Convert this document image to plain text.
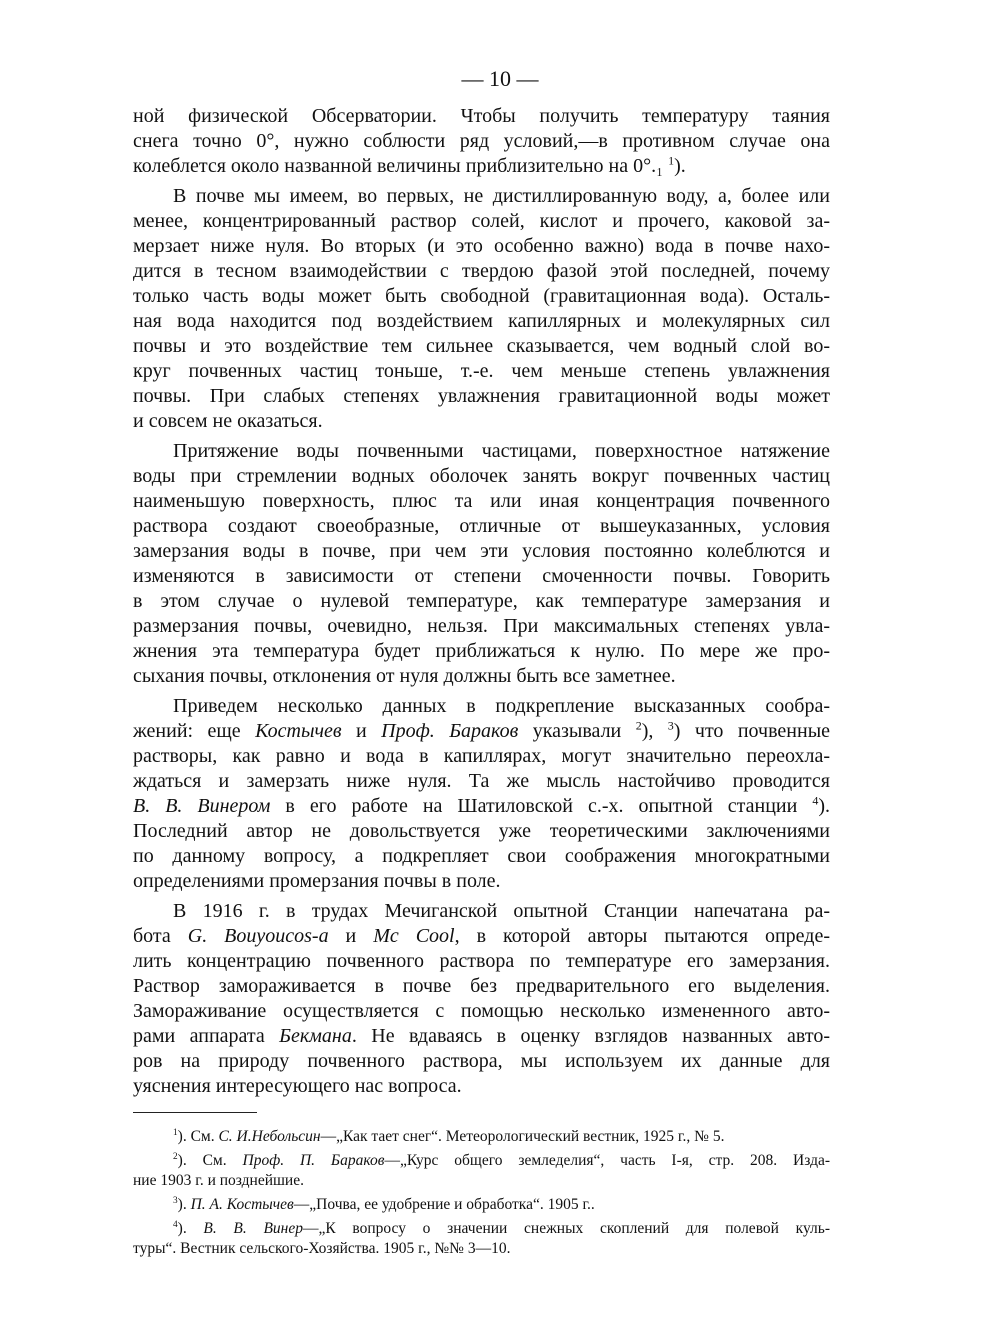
— 10 —
ной физической Обсерватории. Чтобы получить температуру таяния
снега точно 0°, нужно соблюсти ряд условий,—в противном случае она
колеблется около названной величины приблизительно на 0°.₁ $^1$).
В почве мы имеем, во первых, не дистиллированную воду, а, более или
менее, концентрированный раствор солей, кислот и прочего, каковой за-
мерзает ниже нуля. Во вторых (и это особенно важно) вода в почве нахо-
дится в тесном взаимодействии с твердою фазой этой последней, почему
только часть воды может быть свободной (гравитационная вода). Осталь-
ная вода находится под воздействием капиллярных и молекулярных сил
почвы и это воздействие тем сильнее сказывается, чем водный слой во-
круг почвенных частиц тоньше, т.-е. чем меньше степень увлажнения
почвы. При слабых степенях увлажнения гравитационной воды может
и совсем не оказаться.
Притяжение воды почвенными частицами, поверхностное натяжение
воды при стремлении водных оболочек занять вокруг почвенных частиц
наименьшую поверхность, плюс та или иная концентрация почвенного
раствора создают своеобразные, отличные от вышеуказанных, условия
замерзания воды в почве, при чем эти условия постоянно колеблются и
изменяются в зависимости от степени смоченности почвы. Говорить
в этом случае о нулевой температуре, как температуре замерзания и
размерзания почвы, очевидно, нельзя. При максимальных степенях увла-
жнения эта температура будет приближаться к нулю. По мере же про-
сыхания почвы, отклонения от нуля должны быть все заметнее.
Приведем несколько данных в подкрепление высказанных сообра-
жений: еще Костычев и Проф. Бараков указывали $^2$), $^3$) что почвенные
растворы, как равно и вода в капиллярах, могут значительно переохла-
ждаться и замерзать ниже нуля. Та же мысль настойчиво проводится
В. В. Винером в его работе на Шатиловской с.-х. опытной станции $^4$).
Последний автор не довольствуется уже теоретическими заключениями
по данному вопросу, а подкрепляет свои соображения многократными
определениями промерзания почвы в поле.
В 1916 г. в трудах Мечиганской опытной Станции напечатана ра-
бота G. Bouyoucos-a и Mc Cool, в которой авторы пытаются опреде-
лить концентрацию почвенного раствора по температуре его замерзания.
Раствор замораживается в почве без предварительного его выделения.
Замораживание осуществляется с помощью несколько измененного авто-
рами аппарата Бекмана. Не вдаваясь в оценку взглядов названных авто-
ров на природу почвенного раствора, мы используем их данные для
уяснения интересующего нас вопроса.
$^1$). См. С. И.Небольсин—„Как тает снег“. Метеорологический вестник, 1925 г., № 5.
$^2$). См. Проф. П. Бараков—„Курс общего земледелия“, часть I-я, стр. 208. Изда-
ние 1903 г. и позднейшие.
$^3$). П. А. Костычев—„Почва, ее удобрение и обработка“. 1905 г..
$^4$). В. В. Винер—„К вопросу о значении снежных скоплений для полевой куль-
туры“. Вестник сельского-Хозяйства. 1905 г., №№ 3—10.
